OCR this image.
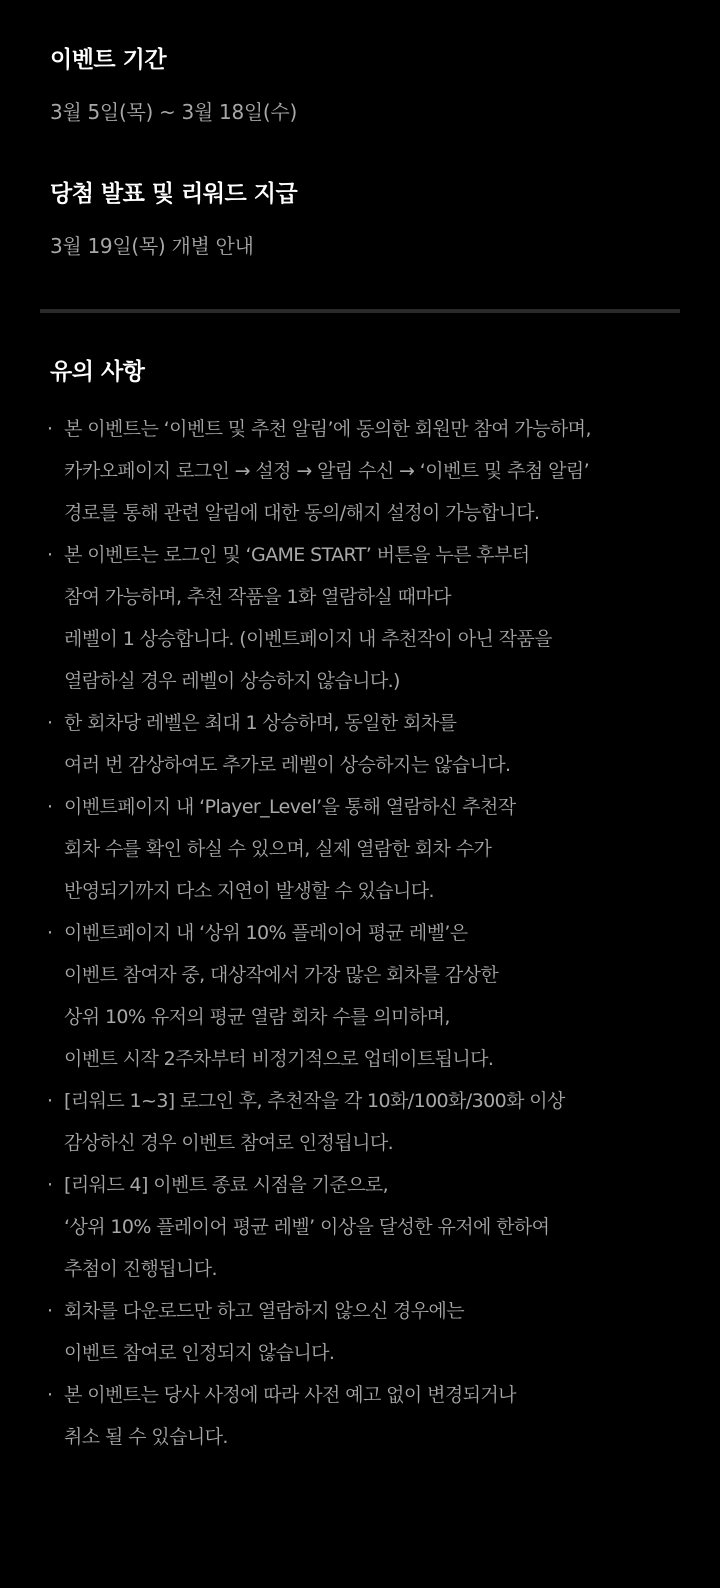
이벤트 기간

3월 5일(목) ~ 3월 18일(수)

당첨 발표 및 리워드 지급

3월 19일(목) 개별 안내

유의 사항
· 본 이벤트는 ‘이벤트 및 추천 알림’에 동의한 회원만 참여 가능하며,
카카오페이지 로그인 → 설정 → 알림 수신 → ‘이벤트 및 추첨 알림’
경로를 통해 관련 알림에 대한 동의/해지 설정이 가능합니다.
· 본 이벤트는 로그인 및 ‘GAME START’ 버튼을 누른 후부터
참여 가능하며, 추천 작품을 1화 열람하실 때마다
레벨이 1 상승합니다. (이벤트페이지 내 추천작이 아닌 작품을
열람하실 경우 레벨이 상승하지 않습니다.)
· 한 회차당 레벨은 최대 1 상승하며, 동일한 회차를
여러 번 감상하여도 추가로 레벨이 상승하지는 않습니다.
· 이벤트페이지 내 ‘Player_Level’을 통해 열람하신 추천작
회차 수를 확인 하실 수 있으며, 실제 열람한 회차 수가
반영되기까지 다소 지연이 발생할 수 있습니다.
· 이벤트페이지 내 ‘상위 10% 플레이어 평균 레벨’은
이벤트 참여자 중, 대상작에서 가장 많은 회차를 감상한
상위 10% 유저의 평균 열람 회차 수를 의미하며,
이벤트 시작 2주차부터 비정기적으로 업데이트됩니다.
· [리워드 1~3] 로그인 후, 추천작을 각 10화/100화/300화 이상
감상하신 경우 이벤트 참여로 인정됩니다.
· [리워드 4] 이벤트 종료 시점을 기준으로,
‘상위 10% 플레이어 평균 레벨’ 이상을 달성한 유저에 한하여
추첨이 진행됩니다.
· 회차를 다운로드만 하고 열람하지 않으신 경우에는
이벤트 참여로 인정되지 않습니다.
· 본 이벤트는 당사 사정에 따라 사전 예고 없이 변경되거나
취소 될 수 있습니다.
